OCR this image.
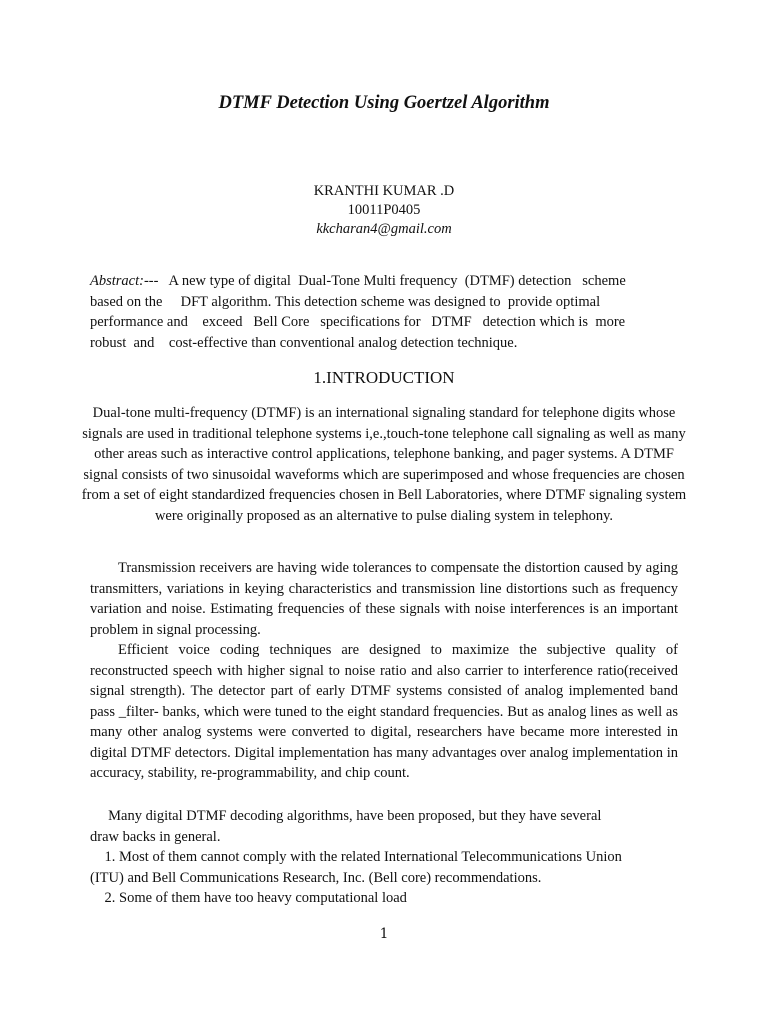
DTMF Detection Using Goertzel Algorithm
KRANTHI KUMAR .D
10011P0405
kkcharan4@gmail.com
Abstract:---   A new type of digital  Dual-Tone Multi frequency  (DTMF) detection   scheme
based on the     DFT algorithm. This detection scheme was designed to  provide optimal
performance and    exceed   Bell Core   specifications for   DTMF   detection which is  more
robust  and    cost-effective than conventional analog detection technique.
1.INTRODUCTION
Dual-tone multi-frequency (DTMF) is an international signaling standard for telephone digits whose signals are used in traditional telephone systems i,e.,touch-tone telephone call signaling as well as many other areas such as interactive control applications, telephone banking, and pager systems. A DTMF signal consists of two sinusoidal waveforms which are superimposed and whose frequencies are chosen from a set of eight standardized frequencies chosen in Bell Laboratories, where DTMF signaling system were originally proposed as an alternative to pulse dialing system in telephony.
Transmission receivers are having wide tolerances to compensate the distortion caused by aging transmitters, variations in keying characteristics and transmission line distortions such as frequency variation and noise. Estimating frequencies of these signals with noise interferences is an important problem in signal processing.
Efficient voice coding techniques are designed to maximize the subjective quality of reconstructed speech with higher signal to noise ratio and also carrier to interference ratio(received signal strength). The detector part of early DTMF systems consisted of analog implemented band pass _filter- banks, which were tuned to the eight standard frequencies. But as analog lines as well as many other analog systems were converted to digital, researchers have became more interested in digital DTMF detectors. Digital implementation has many advantages over analog implementation in accuracy, stability, re-programmability, and chip count.
Many digital DTMF decoding algorithms, have been proposed, but they have several
draw backs in general.
1. Most of them cannot comply with the related International Telecommunications Union
(ITU) and Bell Communications Research, Inc. (Bell core) recommendations.
2. Some of them have too heavy computational load
1
